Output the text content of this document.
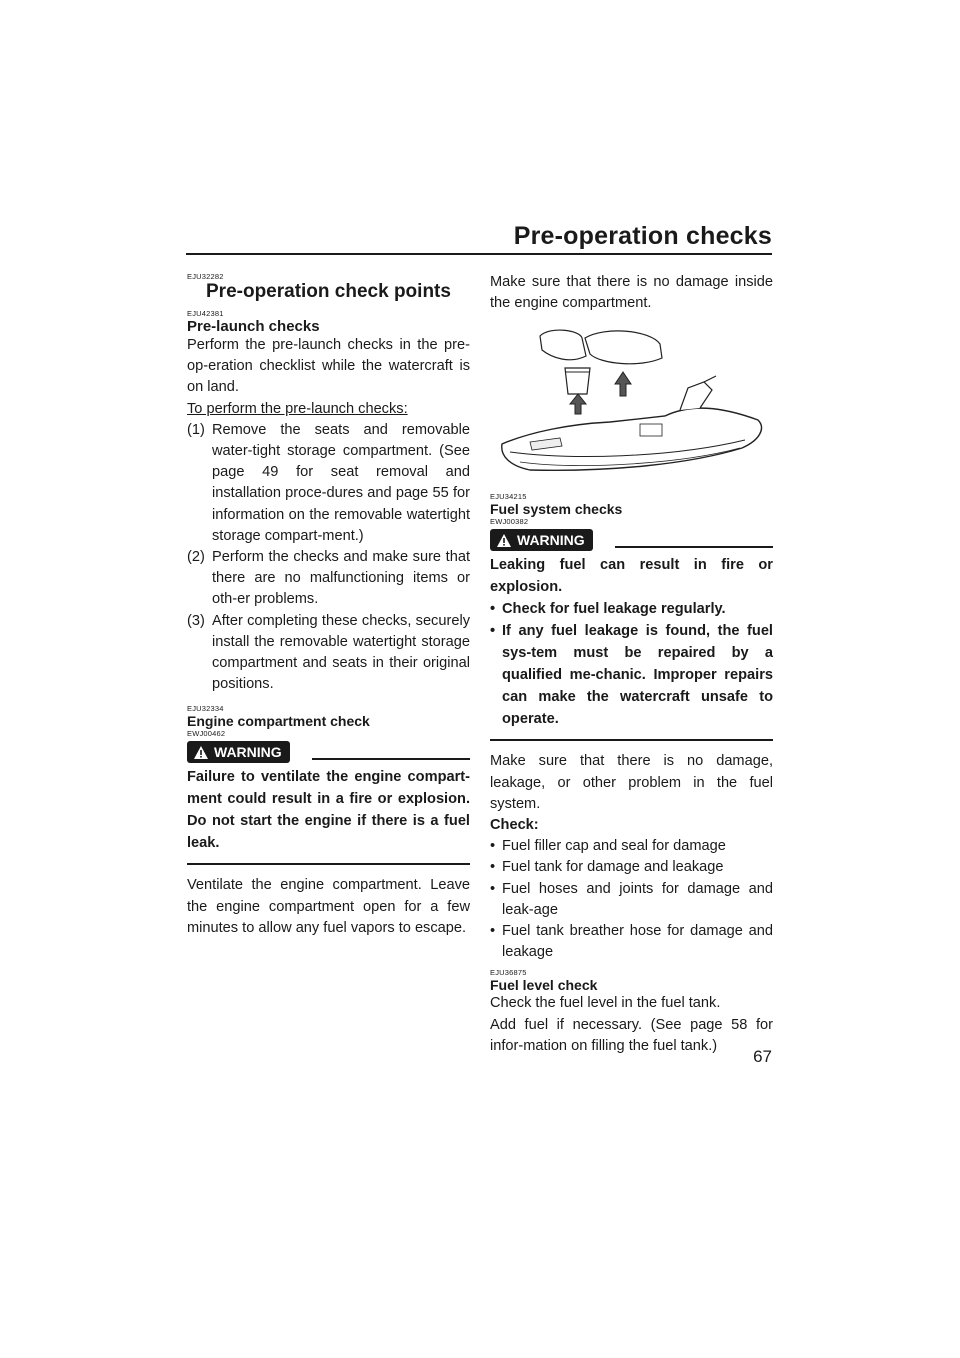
Pre-operation checks
EJU32282
Pre-operation check points
EJU42381
Pre-launch checks

Perform the pre-launch checks in the pre-op-eration checklist while the watercraft is on land.

To perform the pre-launch checks:

(1) Remove the seats and removable water-tight storage compartment. (See page 49 for seat removal and installation proce-dures and page 55 for information on the removable watertight storage compart-ment.)
(2) Perform the checks and make sure that there are no malfunctioning items or oth-er problems.
(3) After completing these checks, securely install the removable watertight storage compartment and seats in their original positions.
EJU32334
Engine compartment check
EWJ00462
WARNING
Failure to ventilate the engine compart-ment could result in a fire or explosion. Do not start the engine if there is a fuel leak.

Ventilate the engine compartment. Leave the engine compartment open for a few minutes to allow any fuel vapors to escape.

Make sure that there is no damage inside the engine compartment.

EJU34215
Fuel system checks
EWJ00382
WARNING
Leaking fuel can result in fire or explosion.
• Check for fuel leakage regularly.
• If any fuel leakage is found, the fuel sys-tem must be repaired by a qualified me-chanic. Improper repairs can make the watercraft unsafe to operate.

Make sure that there is no damage, leakage, or other problem in the fuel system.

Check:
• Fuel filler cap and seal for damage
• Fuel tank for damage and leakage
• Fuel hoses and joints for damage and leak-age
• Fuel tank breather hose for damage and leakage
EJU36875
Fuel level check

Check the fuel level in the fuel tank.

Add fuel if necessary. (See page 58 for infor-mation on filling the fuel tank.)

67
